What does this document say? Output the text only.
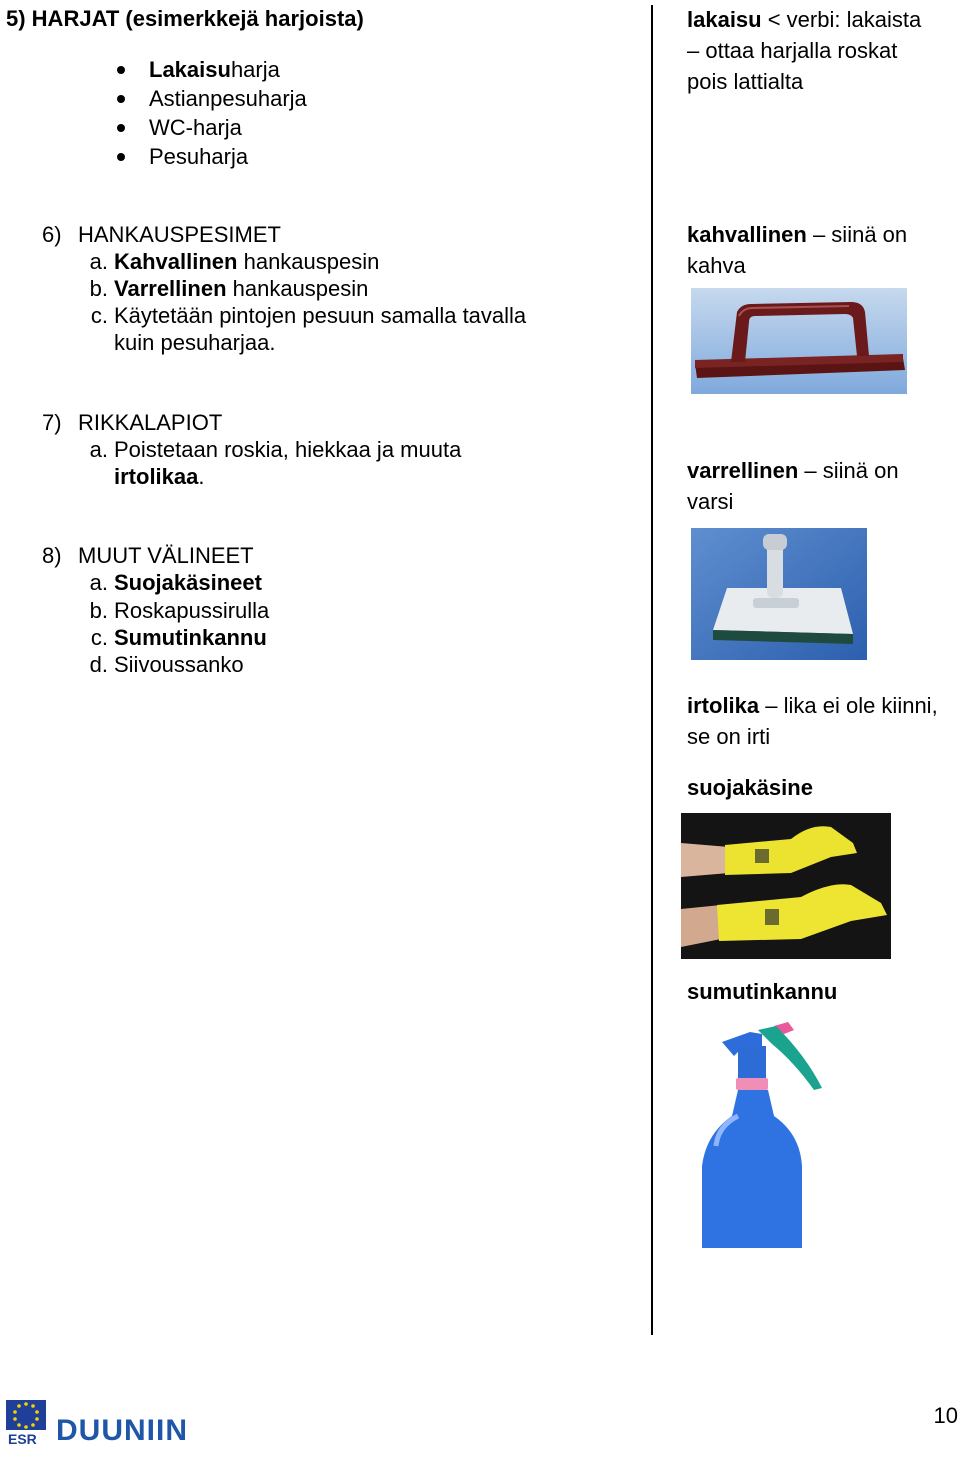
5) HARJAT (esimerkkejä harjoista)
Lakaisuharja
Astianpesuharja
WC-harja
Pesuharja
6) HANKAUSPESIMET
a. Kahvallinen hankauspesin
b. Varrellinen hankauspesin
c. Käytetään pintojen pesuun samalla tavalla
kuin pesuharjaa.
7) RIKKALAPIOT
a. Poistetaan roskia, hiekkaa ja muuta
irtolikaa.
8) MUUT VÄLINEET
a. Suojakäsineet
b. Roskapussirulla
c. Sumutinkannu
d. Siivoussanko
lakaisu < verbi: lakaista
– ottaa harjalla roskat
pois lattialta
kahvallinen – siinä on
kahva
varrellinen – siinä on
varsi
irtolika – lika ei ole kiinni,
se on irti
suojakäsine
sumutinkannu
ESR DUUNIIN	10
